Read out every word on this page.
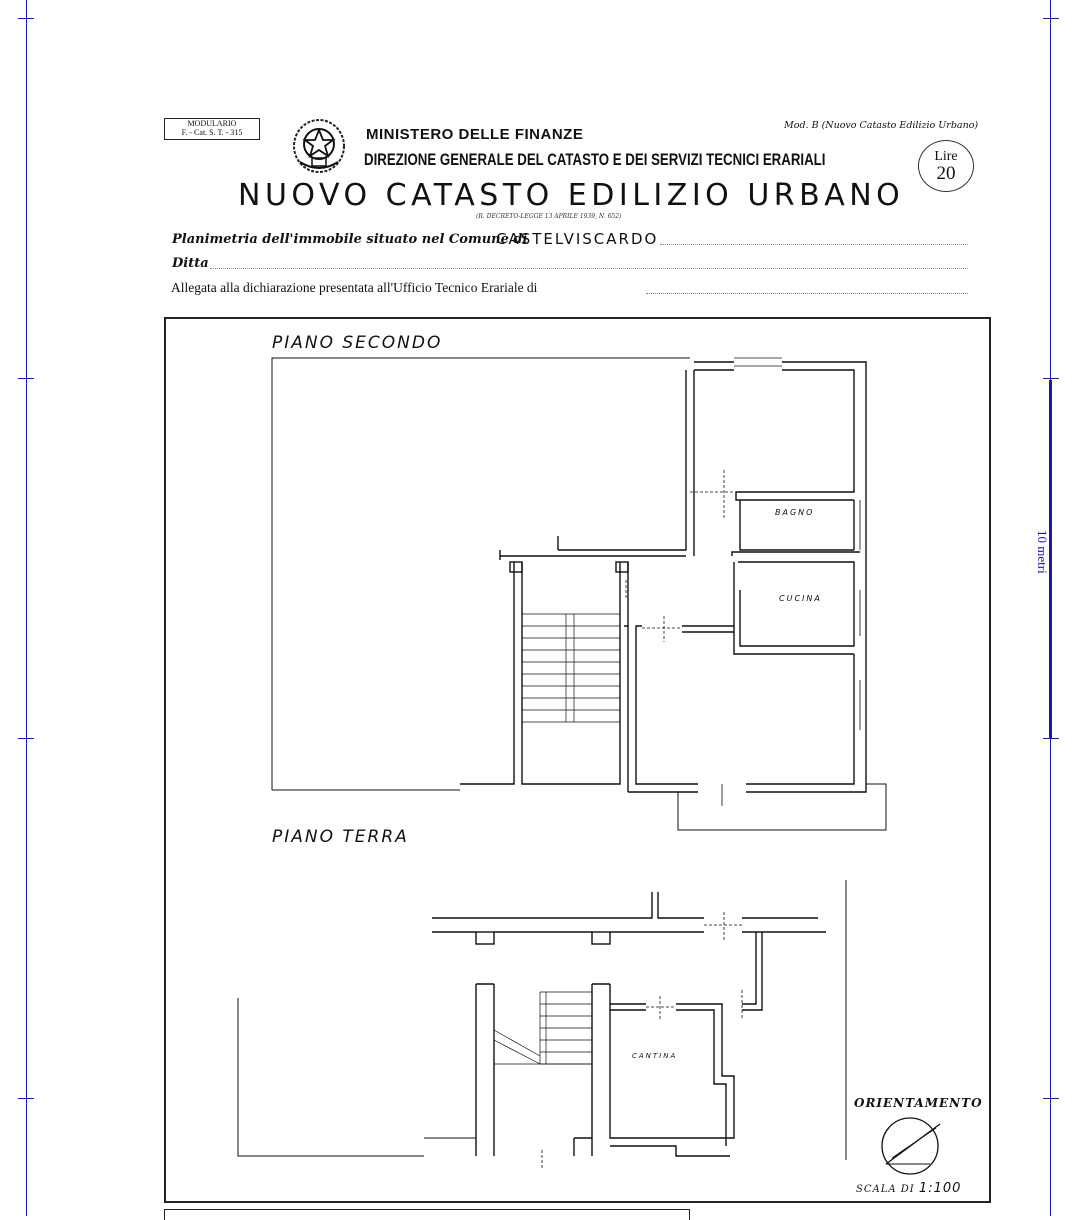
10 metri
MODULARIO
F. - Cat. S. T. - 315	MINISTERO DELLE FINANZE
DIREZIONE GENERALE DEL CATASTO E DEI SERVIZI TECNICI ERARIALI
NUOVO CATASTO EDILIZIO URBANO
(R. DECRETO-LEGGE 13 APRILE 1939, N. 652)
Mod. B (Nuovo Catasto Edilizio Urbano)
Lire
20
Planimetria dell'immobile situato nel Comune di
CASTELVISCARDO
Ditta
Allegata alla dichiarazione presentata all'Ufficio Tecnico Erariale di
PIANO SECONDO
PIANO TERRA
BAGNO
CUCINA
CANTINA
ORIENTAMENTO
SCALA DI 1:100
